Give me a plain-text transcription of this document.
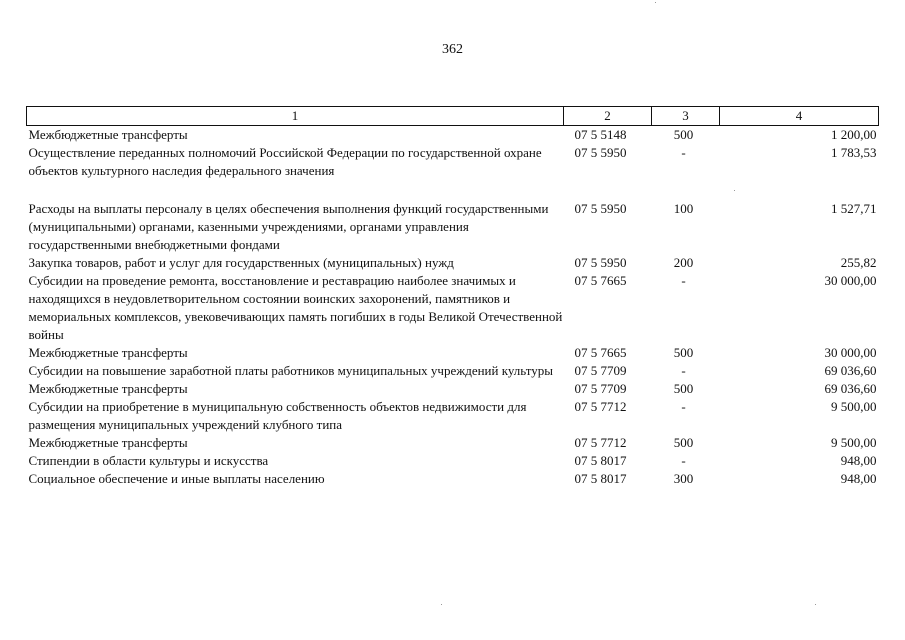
362
1	2	3	4
Межбюджетные трансферты	07 5 5148	500	1 200,00
Осуществление переданных полномочий Российской Федерации по государственной охране объектов культурного наследия федерального значения	07 5 5950	-	1 783,53

Расходы на выплаты персоналу в целях обеспечения выполнения функций государственными (муниципальными) органами, казенными учреждениями, органами управления государственными внебюджетными фондами	07 5 5950	100	1 527,71
Закупка товаров, работ и услуг для государственных (муниципальных) нужд	07 5 5950	200	255,82
Субсидии на проведение ремонта, восстановление и реставрацию наиболее значимых и находящихся в неудовлетворительном состоянии воинских захоронений, памятников и мемориальных комплексов, увековечивающих память погибших в годы Великой Отечественной войны	07 5 7665	-	30 000,00
Межбюджетные трансферты	07 5 7665	500	30 000,00
Субсидии на повышение заработной платы работников муниципальных учреждений культуры	07 5 7709	-	69 036,60
Межбюджетные трансферты	07 5 7709	500	69 036,60
Субсидии на приобретение в муниципальную собственность объектов недвижимости для размещения муниципальных учреждений клубного типа	07 5 7712	-	9 500,00
Межбюджетные трансферты	07 5 7712	500	9 500,00
Стипендии в области культуры и искусства	07 5 8017	-	948,00
Социальное обеспечение и иные выплаты населению	07 5 8017	300	948,00
